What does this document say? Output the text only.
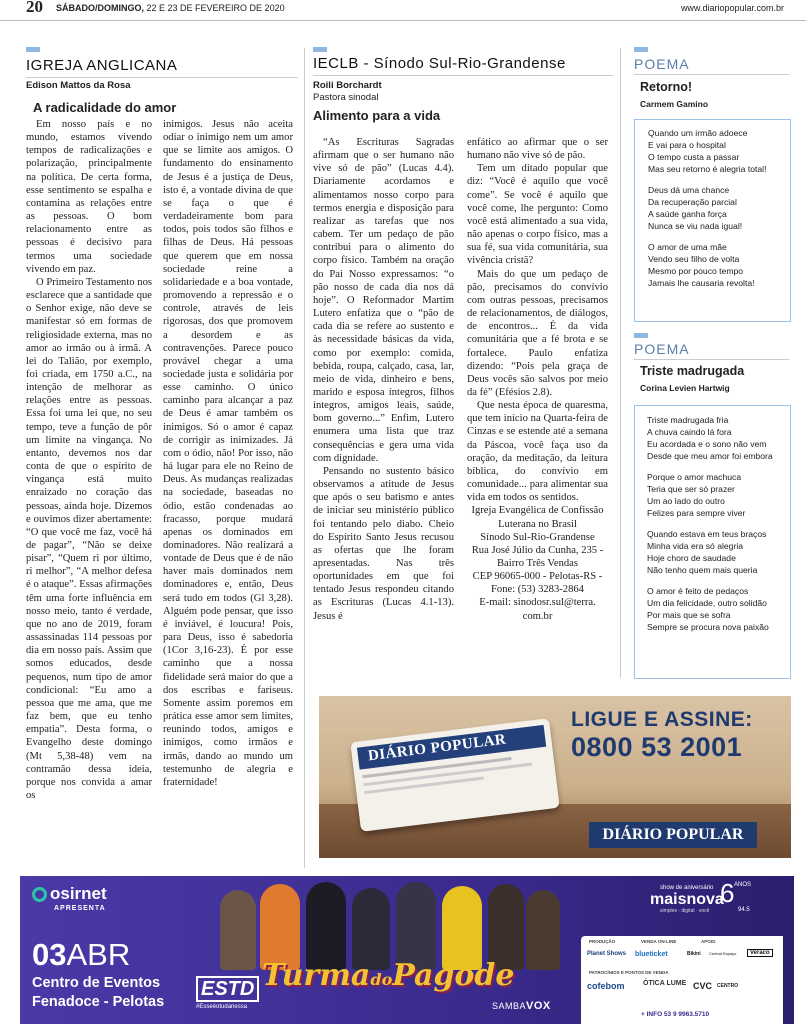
20 SÁBADO/DOMINGO, 22 E 23 DE FEVEREIRO DE 2020	www.diariopopular.com.br
IGREJA ANGLICANA
Edison Mattos da Rosa
A radicalidade do amor

Em nosso país e no mundo, estamos vivendo tempos de radicalizações e polarização, principalmente na política. De certa forma, esse sentimento se espalha e contamina as relações entre as pessoas. O bom relacionamento entre as pessoas é decisivo para termos uma sociedade vivendo em paz.

O Primeiro Testamento nos esclarece que a santidade que o Senhor exige, não deve se manifestar só em formas de religiosidade externa, mas no amor ao irmão ou à irmã. A lei do Talião, por exemplo, foi criada, em 1750 a.C., na intenção de melhorar as relações entre as pessoas. Essa foi uma lei que, no seu tempo, teve a função de pôr um limite na vingança. No entanto, devemos nos dar conta de que o espírito de vingança está muito enraizado no coração das pessoas, ainda hoje. Dizemos e ouvimos dizer abertamente: “O que você me faz, você há de pagar”, “Não se deixe pisar”, “Quem ri por último, ri melhor”, “A melhor defesa é o ataque”. Essas afirmações têm uma forte influência em nosso meio, tanto é verdade, que no ano de 2019, foram assassinadas 114 pessoas por dia em nosso país. Assim que somos educados, desde pequenos, num tipo de amor condicional: “Eu amo a pessoa que me ama, que me faz bem, que eu tenho empatia”. Desta forma, o Evangelho deste domingo (Mt 5,38-48) vem na contramão dessa ideia, porque nos convida a amar os

inimigos. Jesus não aceita odiar o inimigo nem um amor que se limite aos amigos. O fundamento do ensinamento de Jesus é a justiça de Deus, isto é, a vontade divina de que se faça o que é verdadeiramente bom para todos, pois todos são filhos e filhas de Deus. Há pessoas que querem que em nossa sociedade reine a solidariedade e a boa vontade, promovendo a repressão e o controle, através de leis rigorosas, dos que promovem a desordem e as contravenções. Parece pouco provável chegar a uma sociedade justa e solidária por esse caminho. O único caminho para alcançar a paz de Deus é amar também os inimigos. Só o amor é capaz de corrigir as inimizades. Já com o ódio, não! Por isso, não há lugar para ele no Reino de Deus. As mudanças realizadas na sociedade, baseadas no ódio, estão condenadas ao fracasso, porque mudará apenas os dominados em dominadores. Não realizará a vontade de Deus que é de não haver mais dominados nem dominadores e, então, Deus será tudo em todos (Gl 3,28). Alguém pode pensar, que isso é inviável, é loucura! Pois, para Deus, isso é sabedoria (1Cor 3,16-23). É por esse caminho que a nossa fidelidade será maior do que a dos escribas e fariseus. Somente assim poremos em prática esse amor sem limites, reunindo todos, amigos e inimigos, como irmãos e irmãs, dando ao mundo um testemunho de alegria e fraternidade!

IECLB - Sínodo Sul-Rio-Grandense
Roili Borchardt
Pastora sinodal
Alimento para a vida

“As Escrituras Sagradas afirmam que o ser humano não vive só de pão” (Lucas 4.4). Diariamente acordamos e alimentamos nosso corpo para termos energia e disposição para realizar as tarefas que nos cabem. Ter um pedaço de pão contribui para o alimento do corpo físico. Também na oração do Pai Nosso expressamos: “o pão nosso de cada dia nos dá hoje”. O Reformador Martim Lutero enfatiza que o “pão de cada dia se refere ao sustento e às necessidade básicas da vida, como por exemplo: comida, bebida, roupa, calçado, casa, lar, meio de vida, dinheiro e bens, marido e esposa íntegros, filhos íntegros, amigos leais, saúde, bom governo...” Enfim, Lutero enumera uma lista que traz consequências e gera uma vida com dignidade.

Pensando no sustento básico observamos a atitude de Jesus que após o seu batismo e antes de iniciar seu ministério público foi tentando pelo diabo. Cheio do Espírito Santo Jesus recusou as ofertas que lhe foram apresentadas. Nas três oportunidades em que foi tentado Jesus respondeu citando as Escrituras (Lucas 4.1-13). Jesus é

enfático ao afirmar que o ser humano não vive só de pão.

Tem um ditado popular que diz: “Você é aquilo que você come”. Se você é aquilo que você come, lhe pergunto: Como você está alimentado a sua vida, não apenas o corpo físico, mas a sua fé, sua vida comunitária, sua vivência cristã?

Mais do que um pedaço de pão, precisamos do convívio com outras pessoas, precisamos de relacionamentos, de diálogos, de encontros... É da vida comunitária que a fé brota e se fortalece. Paulo enfatiza dizendo: “Pois pela graça de Deus vocês são salvos por meio da fé” (Efésios 2.8).

Que nesta época de quaresma, que tem início na Quarta-feira de Cinzas e se estende até a semana da Páscoa, você faça uso da oração, da meditação, da leitura bíblica, do convívio em comunidade... para alimentar sua vida em todos os sentidos.

Igreja Evangélica de Confissão

Luterana no Brasil

Sínodo Sul-Rio-Grandense

Rua José Júlio da Cunha, 235 -

Bairro Três Vendas

CEP 96065-000 - Pelotas-RS -

Fone: (53) 3283-2864

E-mail: sinodosr.sul@terra.

com.br

POEMA
Retorno!
Carmem Gamino
Quando um irmão adoece
E vai para o hospital
O tempo custa a passar
Mas seu retorno é alegria total!
Deus dá uma chance
Da recuperação parcial
A saúde ganha força
Nunca se viu nada igual!
O amor de uma mãe
Vendo seu filho de volta
Mesmo por pouco tempo
Jamais lhe causaria revolta!
POEMA
Triste madrugada
Corina Levien Hartwig
Triste madrugada fria
A chuva caindo lá fora
Eu acordada e o sono não vem
Desde que meu amor foi embora
Porque o amor machuca
Teria que ser só prazer
Um ao lado do outro
Felizes para sempre viver
Quando estava em teus braços
Minha vida era só alegria
Hoje choro de saudade
Não tenho quem mais queria
O amor é feito de pedaços
Um dia felicidade, outro solidão
Por mais que se sofra
Sempre se procura nova paixão
DIÁRIO POPULAR
LIGUE E ASSINE:
0800 53 2001
DIÁRIO POPULAR
osirnet
APRESENTA
03ABR
Centro de Eventos
Fenadoce - Pelotas
TurmadoPagode
ESTD
#Esseéotudanessa	SAMBAVOX
show de aniversário
maisnova
ANOS
6
94.5
simples · digital · você
PRODUÇÃO	VENDA ON-LINE	APOIO
Planet Shows blueticket	Bikini Central Espaço	Veraco
PATROCÍNIOS E PONTOS DE VENDA
cofebom	ÓTICA LUME CVC CENTRO
+ INFO 53 9 9963.5710
